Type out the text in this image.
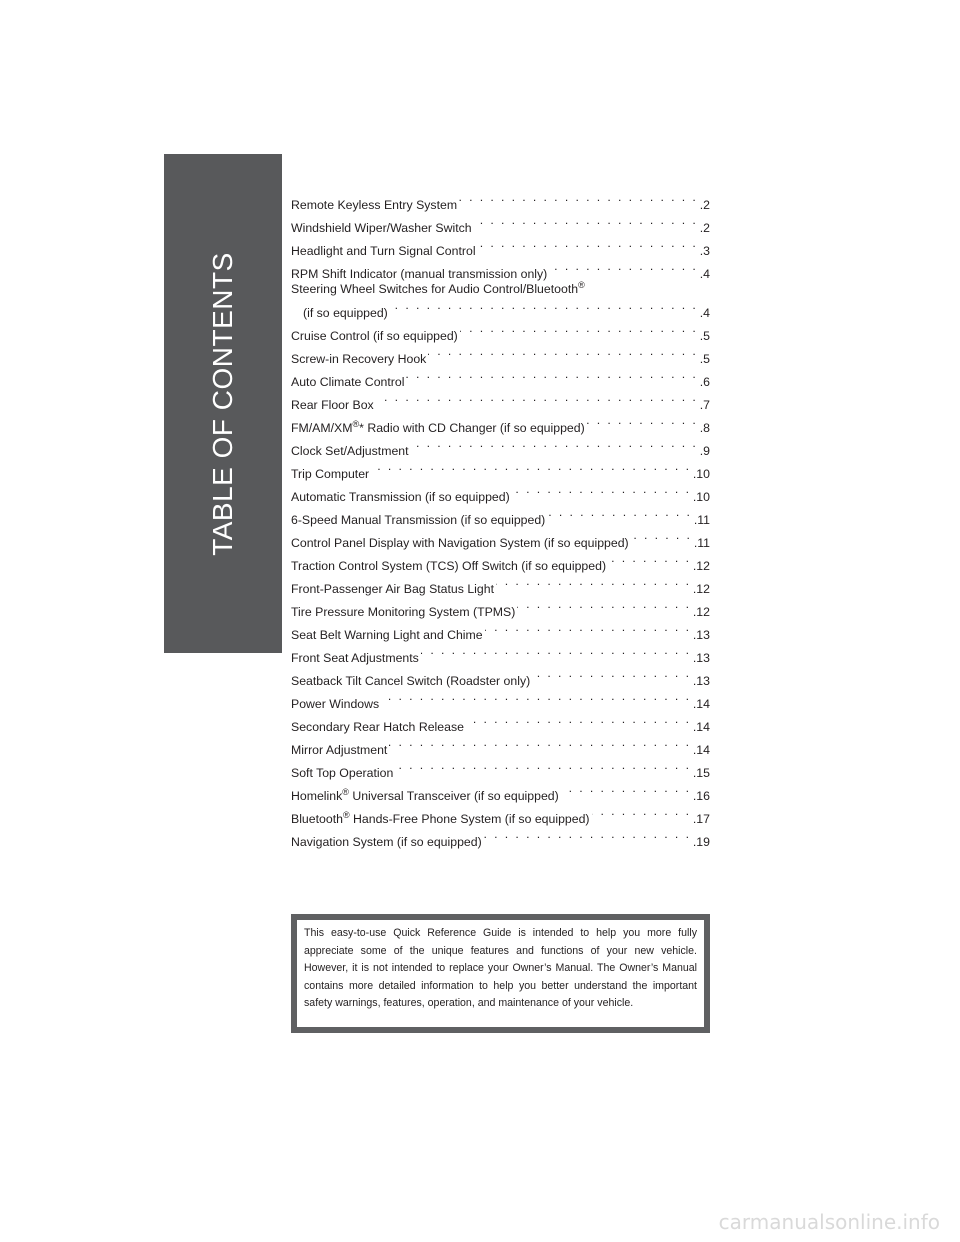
TABLE OF CONTENTS
Remote Keyless Entry System . . .	.2
Windshield Wiper/Washer Switch . . .	.2
Headlight and Turn Signal Control . . .	.3
RPM Shift Indicator (manual transmission only) . . .	.4
Steering Wheel Switches for Audio Control/Bluetooth®
(if so equipped) . . .	.4
Cruise Control (if so equipped) . . .	.5
Screw-in Recovery Hook . . .	.5
Auto Climate Control . . .	.6
Rear Floor Box . . .	.7
FM/AM/XM®* Radio with CD Changer (if so equipped) . . .	.8
Clock Set/Adjustment . . .	.9
Trip Computer . . .	.10
Automatic Transmission (if so equipped) . . .	.10
6-Speed Manual Transmission (if so equipped) . . .	.11
Control Panel Display with Navigation System (if so equipped) . . .	.11
Traction Control System (TCS) Off Switch (if so equipped) . . .	.12
Front-Passenger Air Bag Status Light . . .	.12
Tire Pressure Monitoring System (TPMS) . . .	.12
Seat Belt Warning Light and Chime . . .	.13
Front Seat Adjustments . . .	.13
Seatback Tilt Cancel Switch (Roadster only) . . .	.13
Power Windows . . .	.14
Secondary Rear Hatch Release . . .	.14
Mirror Adjustment . . .	.14
Soft Top Operation . . .	.15
Homelink® Universal Transceiver (if so equipped) . . .	.16
Bluetooth® Hands-Free Phone System (if so equipped) . . .	.17
Navigation System (if so equipped) . . .	.19
This easy-to-use Quick Reference Guide is intended to help you more fully appreciate some of the unique features and functions of your new vehicle. However, it is not intended to replace your Owner’s Manual. The Owner’s Manual contains more detailed information to help you better understand the important safety warnings, features, operation, and maintenance of your vehicle.
carmanualsonline.info
